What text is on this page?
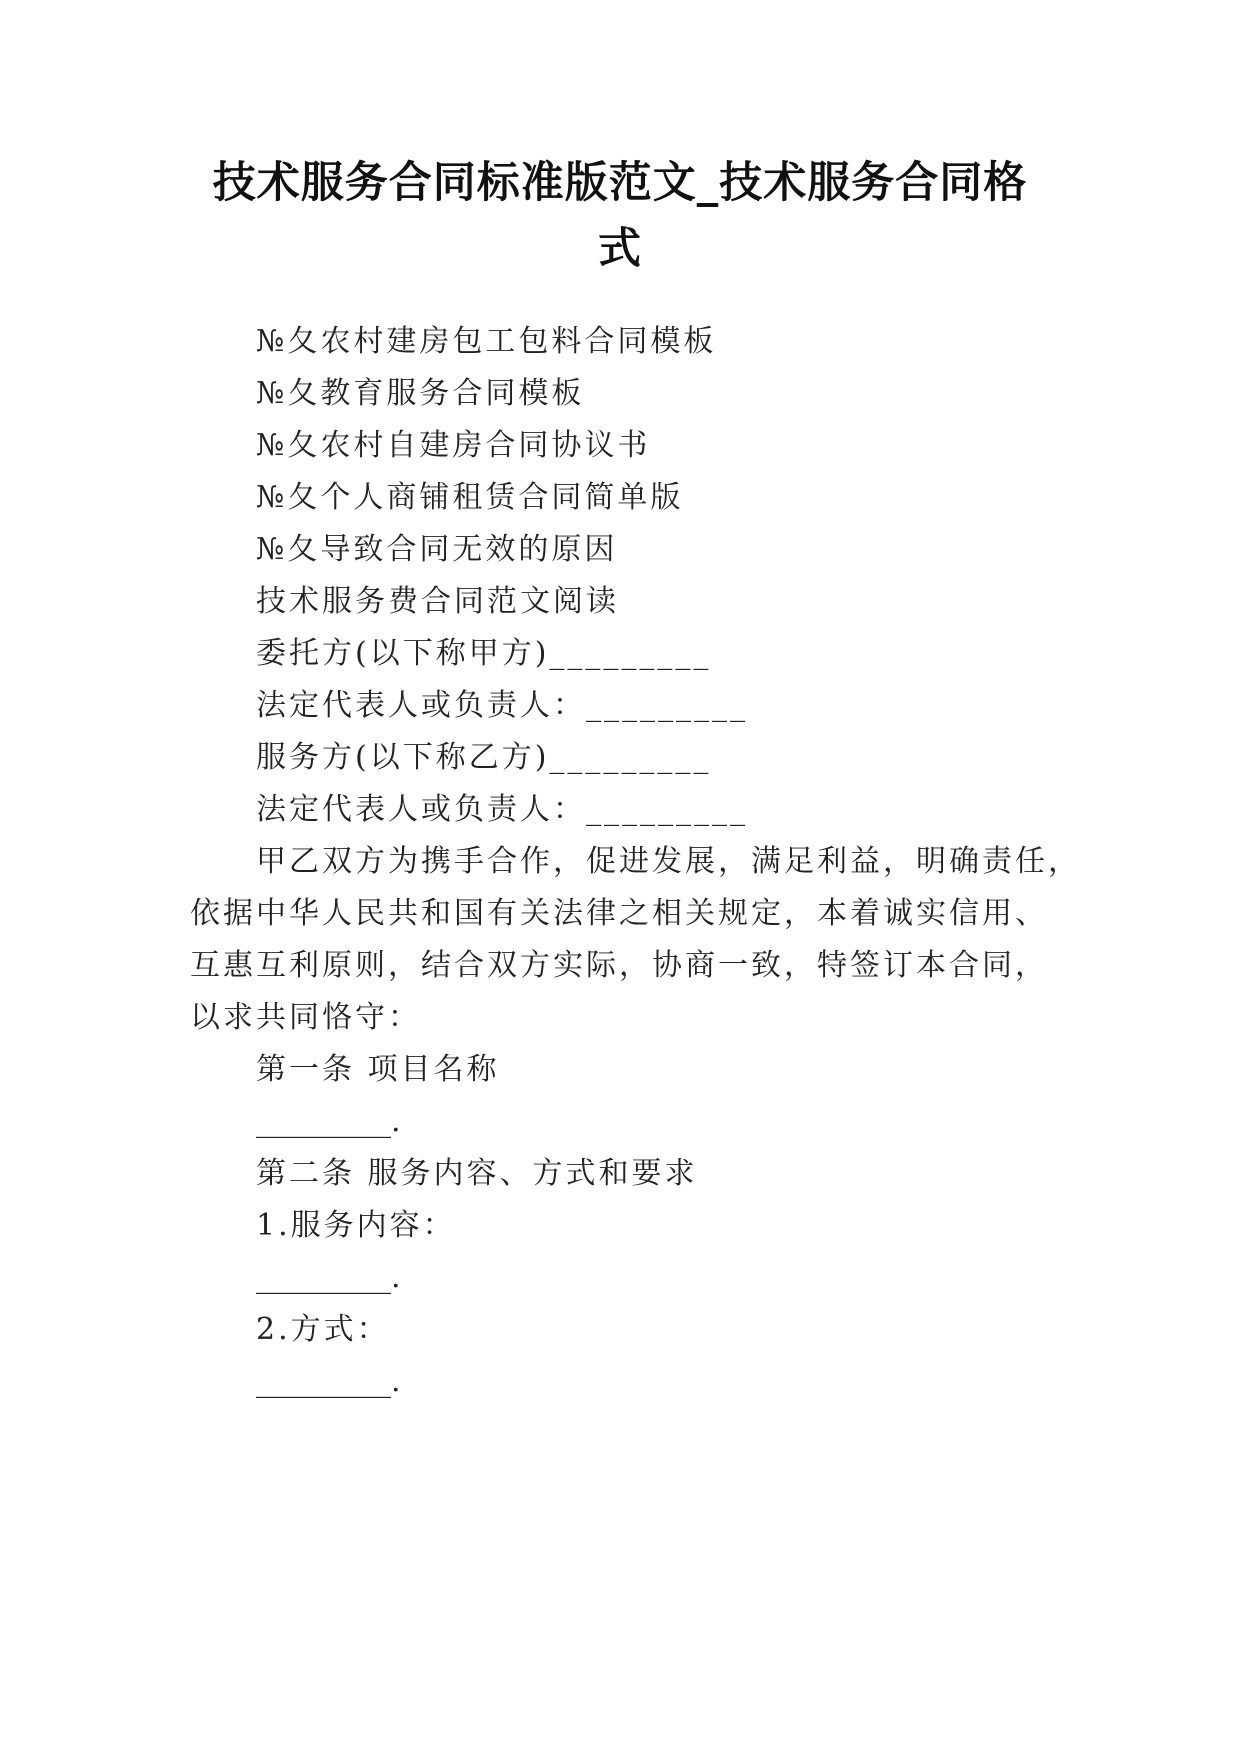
技术服务合同标准版范文_技术服务合同格
式
№夂农村建房包工包料合同模板
№夂教育服务合同模板
№夂农村自建房合同协议书
№夂个人商铺租赁合同简单版
№夂导致合同无效的原因
技术服务费合同范文阅读
委托方(以下称甲方)_________
法定代表人或负责人：_________
服务方(以下称乙方)_________
法定代表人或负责人：_________
甲乙双方为携手合作，促进发展，满足利益，明确责任，
依据中华人民共和国有关法律之相关规定，本着诚实信用、
互惠互利原则，结合双方实际，协商一致，特签订本合同，
以求共同恪守：
第一条 项目名称
_________.
第二条 服务内容、方式和要求
1.服务内容：
_________.
2.方式：
_________.
